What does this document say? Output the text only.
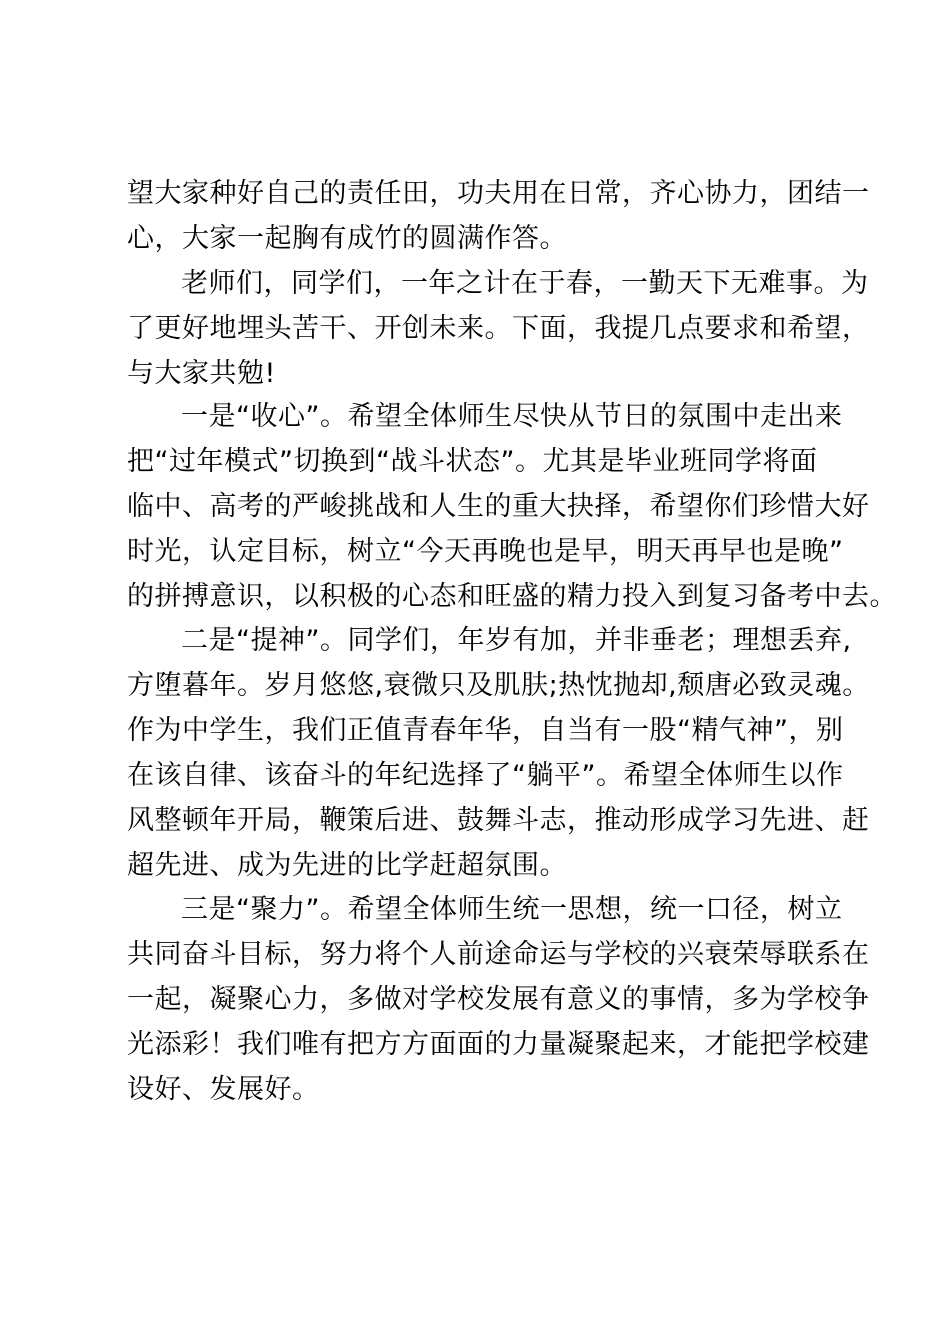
望大家种好自己的责任田，功夫用在日常，齐心协力，团结一
心，大家一起胸有成竹的圆满作答。
老师们，同学们，一年之计在于春，一勤天下无难事。为
了更好地埋头苦干、开创未来。下面，我提几点要求和希望，
与大家共勉!
一是“收心”。希望全体师生尽快从节日的氛围中走出来
把“过年模式”切换到“战斗状态”。尤其是毕业班同学将面
临中、高考的严峻挑战和人生的重大抉择，希望你们珍惜大好
时光，认定目标，树立“今天再晚也是早，明天再早也是晚”
的拼搏意识，以积极的心态和旺盛的精力投入到复习备考中去。
二是“提神”。同学们，年岁有加，并非垂老；理想丢弃,
方堕暮年。岁月悠悠,衰微只及肌肤;热忱抛却,颓唐必致灵魂。
作为中学生，我们正值青春年华，自当有一股“精气神”，别
在该自律、该奋斗的年纪选择了“躺平”。希望全体师生以作
风整顿年开局，鞭策后进、鼓舞斗志，推动形成学习先进、赶
超先进、成为先进的比学赶超氛围。
三是“聚力”。希望全体师生统一思想，统一口径，树立
共同奋斗目标，努力将个人前途命运与学校的兴衰荣辱联系在
一起，凝聚心力，多做对学校发展有意义的事情，多为学校争
光添彩！我们唯有把方方面面的力量凝聚起来，才能把学校建
设好、发展好。
